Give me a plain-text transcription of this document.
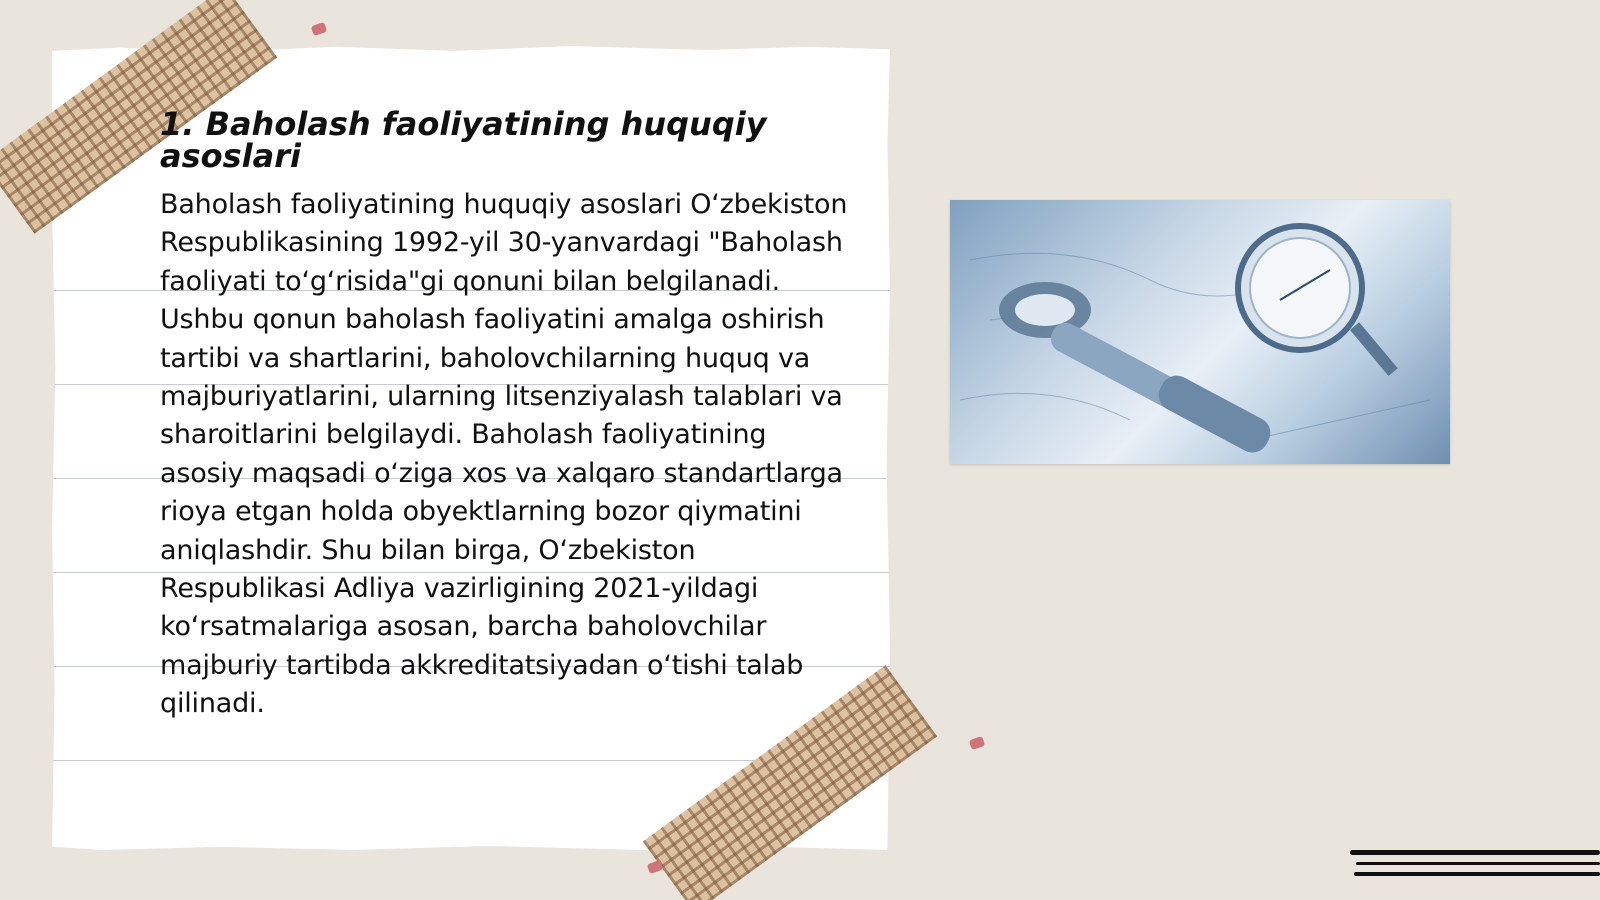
1. Baholash faoliyatining huquqiy asoslari

Baholash faoliyatining huquqiy asoslari O‘zbekiston Respublikasining 1992-yil 30-yanvardagi "Baholash faoliyati to‘g‘risida"gi qonuni bilan belgilanadi. Ushbu qonun baholash faoliyatini amalga oshirish tartibi va shartlarini, baholovchilarning huquq va majburiyatlarini, ularning litsenziyalash talablari va sharoitlarini belgilaydi. Baholash faoliyatining asosiy maqsadi o‘ziga xos va xalqaro standartlarga rioya etgan holda obyektlarning bozor qiymatini aniqlashdir. Shu bilan birga, O‘zbekiston Respublikasi Adliya vazirligining 2021-yildagi ko‘rsatmalariga asosan, barcha baholovchilar majburiy tartibda akkreditatsiyadan o‘tishi talab qilinadi.
